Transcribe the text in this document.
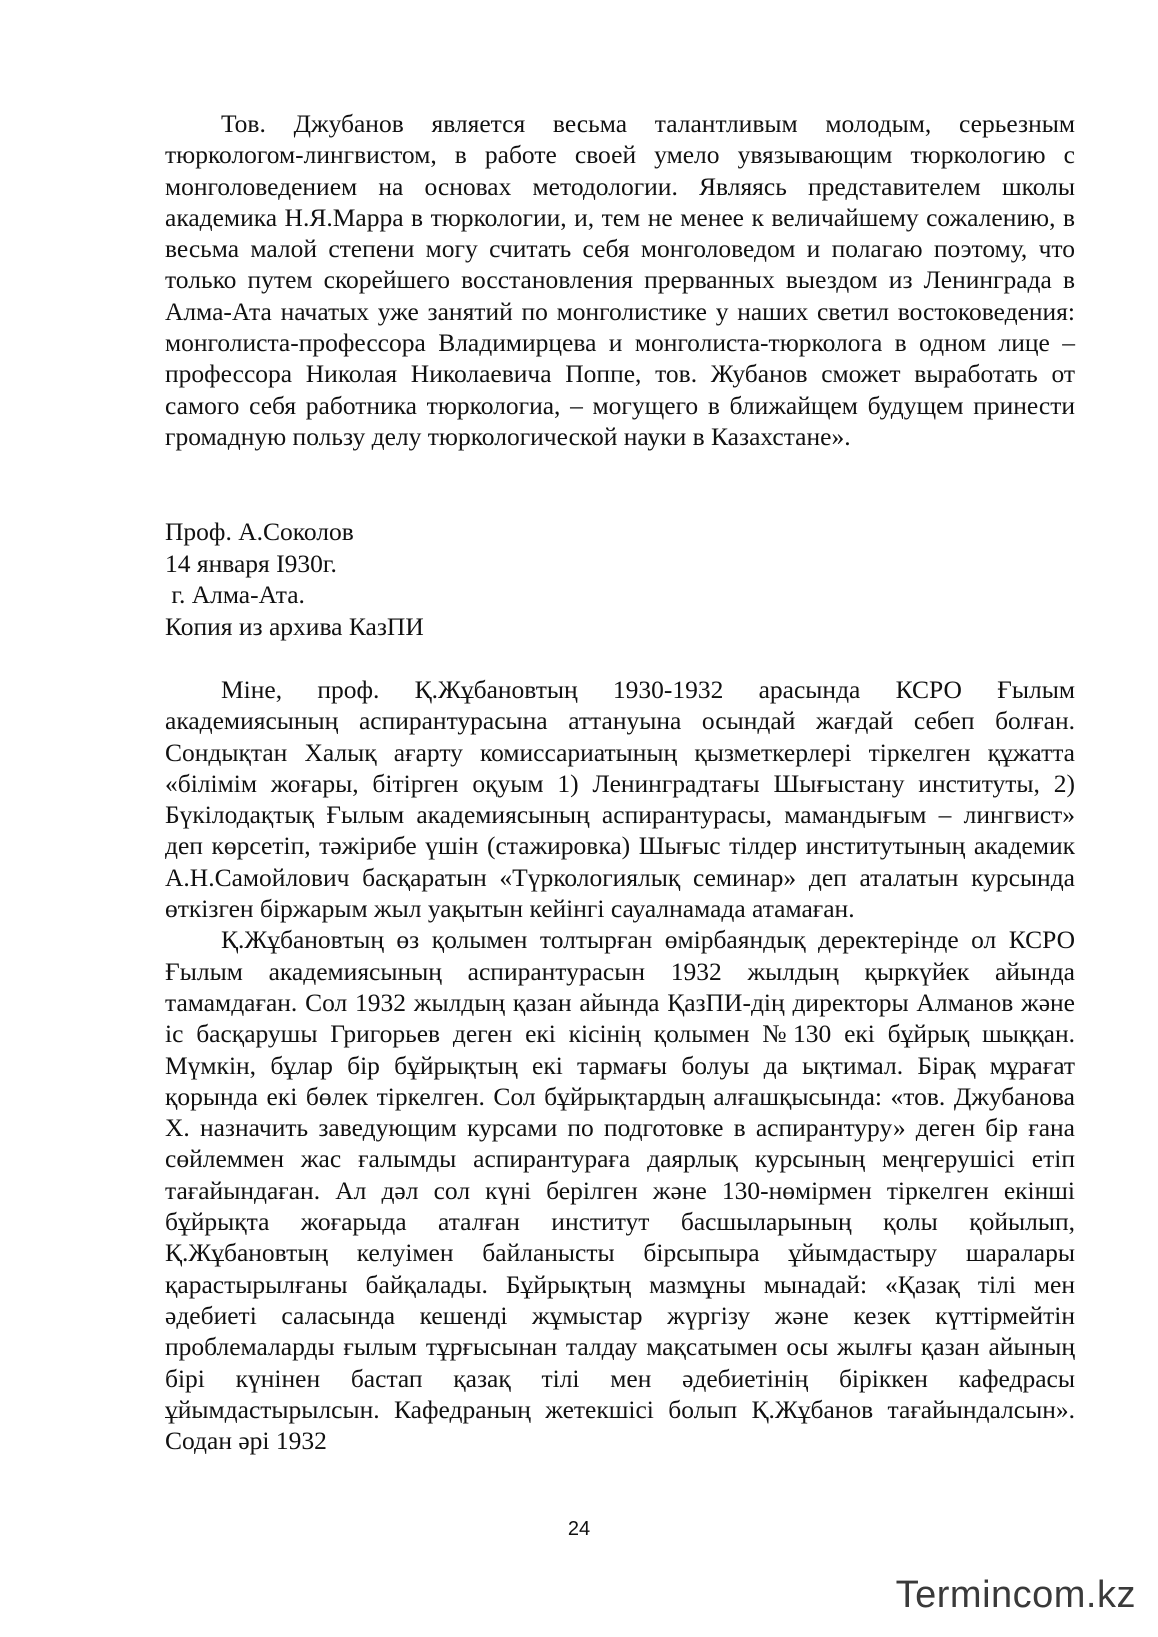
Тов. Джубанов является весьма талантливым молодым, серьезным тюркологом-лингвистом, в работе своей умело увязывающим тюркологию с монголоведением на основах методологии. Являясь представителем школы академика Н.Я.Марра в тюркологии, и, тем не менее к величайшему сожалению, в весьма малой степени могу считать себя монголоведом и полагаю поэтому, что только путем скорейшего восстановления прерванных выездом из Ленинграда в Алма-Ата начатых уже занятий по монголистике у наших светил востоковедения: монголиста-профессора Владимирцева и монголиста-тюрколога в одном лице – профессора Николая Николаевича Поппе, тов. Жубанов сможет выработать от самого себя работника тюркологиа, – могущего в ближайщем будущем принести громадную пользу делу тюркологической науки в Казахстане».

Проф. А.Соколов
14 января I930г.
г. Алма-Ата.
Копия из архива КазПИ

Міне, проф. Қ.Жұбановтың 1930-1932 арасында КСРО Ғылым академиясының аспирантурасына аттануына осындай жағдай себеп болған. Сондықтан Халық ағарту комиссариатының қызметкерлері тіркелген құжатта «білімім жоғары, бітірген оқуым 1) Ленинградтағы Шығыстану институты, 2) Бүкілодақтық Ғылым академиясының аспирантурасы, мамандығым – лингвист» деп көрсетіп, тәжірибе үшін (стажировка) Шығыс тілдер институтының академик А.Н.Самойлович басқаратын «Түркологиялық семинар» деп аталатын курсында өткізген біржарым жыл уақытын кейінгі сауалнамада атамаған.

Қ.Жұбановтың өз қолымен толтырған өмірбаяндық деректерінде ол КСРО Ғылым академиясының аспирантурасын 1932 жылдың қыркүйек айында тамамдаған. Сол 1932 жылдың қазан айында ҚазПИ-дің директоры Алманов және іс басқарушы Григорьев деген екі кісінің қолымен №130 екі бұйрық шыққан. Мүмкін, бұлар бір бұйрықтың екі тармағы болуы да ықтимал. Бірақ мұрағат қорында екі бөлек тіркелген. Сол бұйрықтардың алғашқысында: «тов. Джубанова Х. назначить заведующим курсами по подготовке в аспирантуру» деген бір ғана сөйлеммен жас ғалымды аспирантураға даярлық курсының меңгерушісі етіп тағайындаған. Ал дәл сол күні берілген және 130-нөмірмен тіркелген екінші бұйрықта жоғарыда аталған институт басшыларының қолы қойылып, Қ.Жұбановтың келуімен байланысты бірсыпыра ұйымдастыру шаралары қарастырылғаны байқалады. Бұйрықтың мазмұны мынадай: «Қазақ тілі мен әдебиеті саласында кешенді жұмыстар жүргізу және кезек күттірмейтін проблемаларды ғылым тұрғысынан талдау мақсатымен осы жылғы қазан айының бірі күнінен бастап қазақ тілі мен әдебиетінің біріккен кафедрасы ұйымдастырылсын. Кафедраның жетекшісі болып Қ.Жұбанов тағайындалсын». Содан әрі 1932

24
Termincom.kz
